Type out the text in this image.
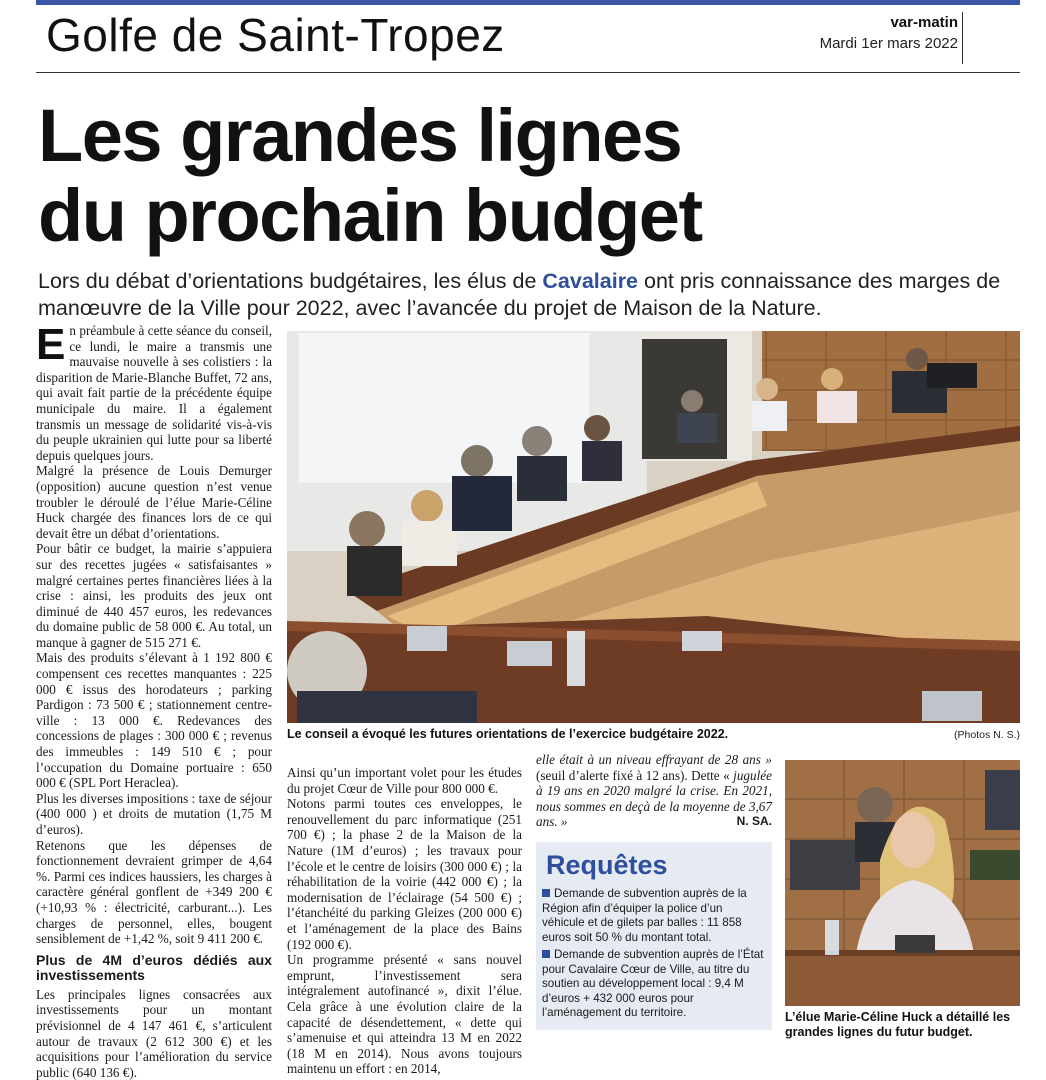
Golfe de Saint-Tropez	var-matin
Mardi 1er mars 2022
Les grandes lignes
du prochain budget
Lors du débat d’orientations budgétaires, les élus de Cavalaire ont pris connaissance des marges de manœuvre de la Ville pour 2022, avec l’avancée du projet de Maison de la Nature.
E n préambule à cette séance du conseil, ce lundi, le maire a transmis une mauvaise nouvelle à ses colistiers : la disparition de Marie-Blanche Buffet, 72 ans, qui avait fait partie de la précédente équipe municipale du maire. Il a également transmis un message de solidarité vis-à-vis du peuple ukrainien qui lutte pour sa liberté depuis quelques jours.

Malgré la présence de Louis Demurger (opposition) aucune question n’est venue troubler le déroulé de l’élue Marie-Céline Huck chargée des finances lors de ce qui devait être un débat d’orientations.

Pour bâtir ce budget, la mairie s’appuiera sur des recettes jugées « satisfaisantes » malgré certaines pertes financières liées à la crise : ainsi, les produits des jeux ont diminué de 440 457 euros, les redevances du domaine public de 58 000 €. Au total, un manque à gagner de 515 271 €.

Mais des produits s’élevant à 1 192 800 € compensent ces recettes manquantes : 225 000 € issus des horodateurs ; parking Pardigon : 73 500 € ; stationnement centre-ville : 13 000 €. Redevances des concessions de plages : 300 000 € ; revenus des immeubles : 149 510 € ; pour l’occupation du Domaine portuaire : 650 000 € (SPL Port Heraclea).

Plus les diverses impositions : taxe de séjour (400 000 ) et droits de mutation (1,75 M d’euros).

Retenons que les dépenses de fonctionnement devraient grimper de 4,64 %. Parmi ces indices haussiers, les charges à caractère général gonflent de +349 200 € (+10,93 % : électricité, carburant...). Les charges de personnel, elles, bougent sensiblement de +1,42 %, soit 9 411 200 €.

Plus de 4M d’euros dédiés aux investissements

Les principales lignes consacrées aux investissements pour un montant prévisionnel de 4 147 461 €, s’articulent autour de travaux (2 612 300 €) et les acquisitions pour l’amélioration du service public (640 136 €).

Le conseil a évoqué les futures orientations de l’exercice budgétaire 2022.	(Photos N. S.)

Ainsi qu’un important volet pour les études du projet Cœur de Ville pour 800 000 €.

Notons parmi toutes ces enveloppes, le renouvellement du parc informatique (251 700 €) ; la phase 2 de la Maison de la Nature (1M d’euros) ; les travaux pour l’école et le centre de loisirs (300 000 €) ; la réhabilitation de la voirie (442 000 €) ; la modernisation de l’éclairage (54 500 €) ; l’étanchéité du parking Gleizes (200 000 €) et l’aménagement de la place des Bains (192 000 €).

Un programme présenté « sans nouvel emprunt, l’investissement sera intégralement autofinancé », dixit l’élue. Cela grâce à une évolution claire de la capacité de désendettement, « dette qui s’amenuise et qui atteindra 13 M en 2022 (18 M en 2014). Nous avons toujours maintenu un effort : en 2014,

elle était à un niveau effrayant de 28 ans » (seuil d’alerte fixé à 12 ans). Dette « jugulée à 19 ans en 2020 malgré la crise. En 2021, nous sommes en deçà de la moyenne de 3,67 ans. »	N. SA.

Requêtes
Demande de subvention auprès de la Région afin d’équiper la police d’un véhicule et de gilets par balles : 11 858 euros soit 50 % du montant total.
Demande de subvention auprès de l’État pour Cavalaire Cœur de Ville, au titre du soutien au développement local : 9,4 M d’euros + 432 000 euros pour l’aménagement du territoire.	L’élue Marie-Céline Huck a détaillé les grandes lignes du futur budget.
